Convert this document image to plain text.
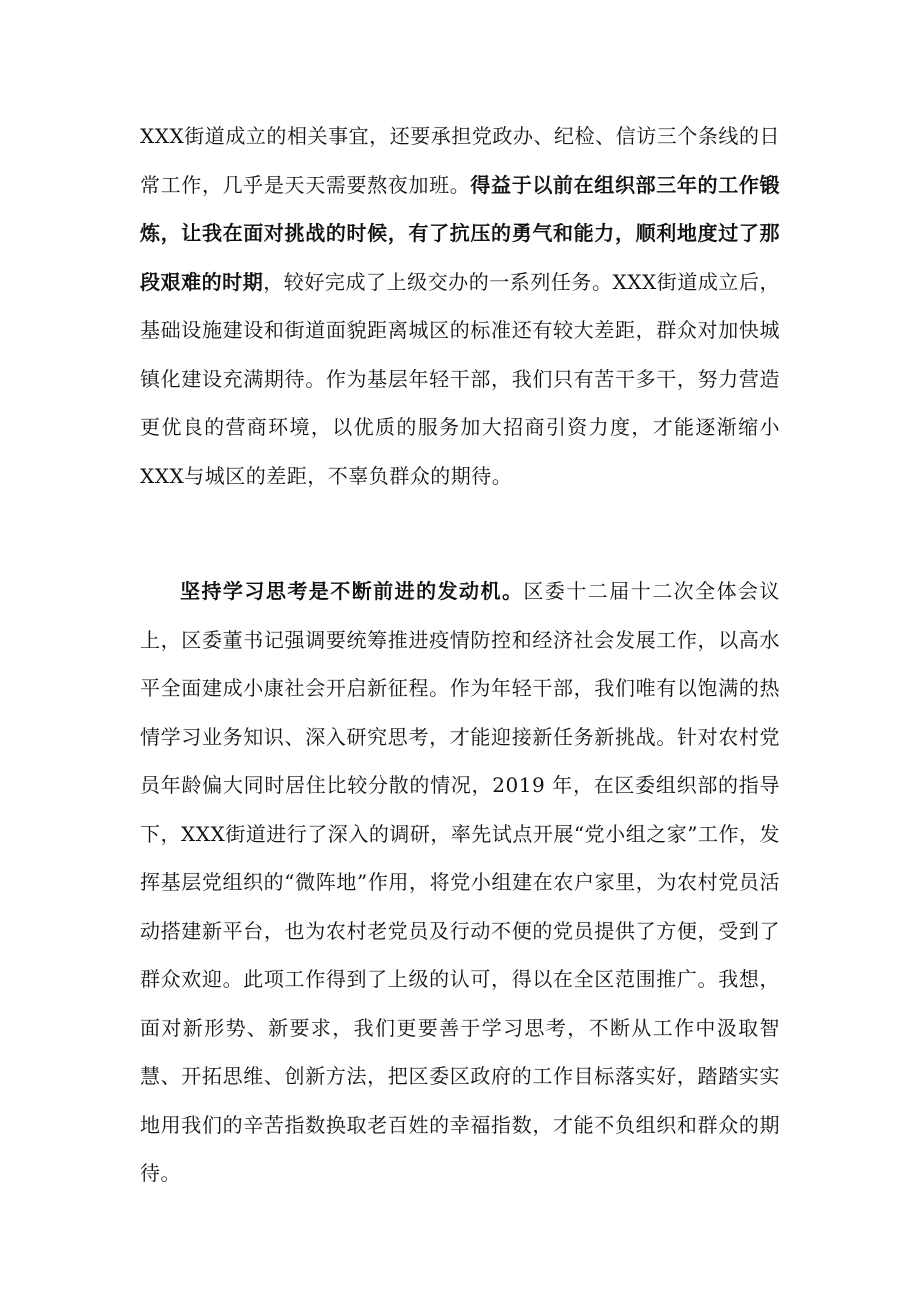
XXX街道成立的相关事宜，还要承担党政办、纪检、信访三个条线的日常工作，几乎是天天需要熬夜加班。得益于以前在组织部三年的工作锻炼，让我在面对挑战的时候，有了抗压的勇气和能力，顺利地度过了那段艰难的时期，较好完成了上级交办的一系列任务。XXX街道成立后，基础设施建设和街道面貌距离城区的标准还有较大差距，群众对加快城镇化建设充满期待。作为基层年轻干部，我们只有苦干多干，努力营造更优良的营商环境，以优质的服务加大招商引资力度，才能逐渐缩小XXX与城区的差距，不辜负群众的期待。

坚持学习思考是不断前进的发动机。区委十二届十二次全体会议上，区委董书记强调要统筹推进疫情防控和经济社会发展工作，以高水平全面建成小康社会开启新征程。作为年轻干部，我们唯有以饱满的热情学习业务知识、深入研究思考，才能迎接新任务新挑战。针对农村党员年龄偏大同时居住比较分散的情况，2019 年，在区委组织部的指导下，XXX街道进行了深入的调研，率先试点开展“党小组之家”工作，发挥基层党组织的“微阵地”作用，将党小组建在农户家里，为农村党员活动搭建新平台，也为农村老党员及行动不便的党员提供了方便，受到了群众欢迎。此项工作得到了上级的认可，得以在全区范围推广。我想，面对新形势、新要求，我们更要善于学习思考，不断从工作中汲取智慧、开拓思维、创新方法，把区委区政府的工作目标落实好，踏踏实实地用我们的辛苦指数换取老百姓的幸福指数，才能不负组织和群众的期待。
